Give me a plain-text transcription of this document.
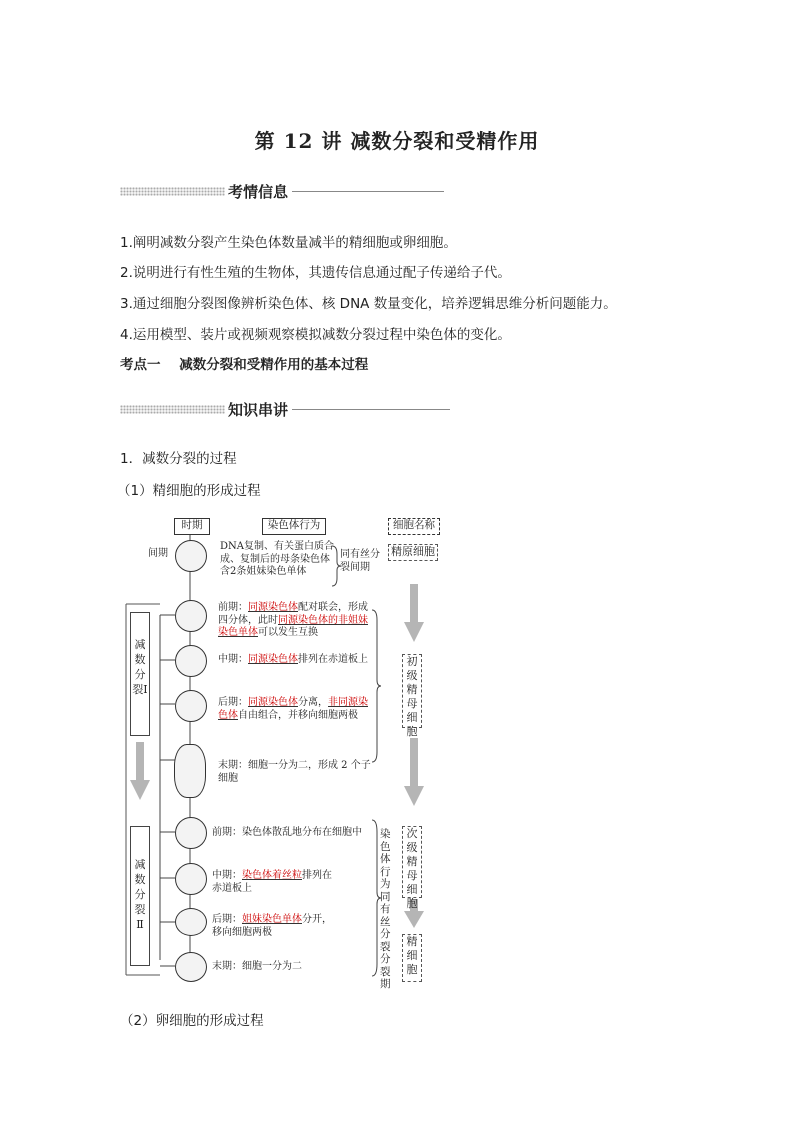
第 12 讲 减数分裂和受精作用
考情信息
1.阐明减数分裂产生染色体数量减半的精细胞或卵细胞。
2.说明进行有性生殖的生物体，其遗传信息通过配子传递给子代。
3.通过细胞分裂图像辨析染色体、核 DNA 数量变化，培养逻辑思维分析问题能力。
4.运用模型、装片或视频观察模拟减数分裂过程中染色体的变化。
考点一    减数分裂和受精作用的基本过程
知识串讲
1．减数分裂的过程
（1）精细胞的形成过程
时期	染色体行为	细胞名称
间期
DNA复制、有关蛋白质合成、复制后的母条染色体含2条姐妹染色单体
同有丝分裂间期
精原细胞
减数分裂Ⅰ
减数分裂Ⅱ
前期：同源染色体配对联会，形成四分体，此时同源染色体的非姐妹染色单体可以发生互换
中期：同源染色体排列在赤道板上
后期：同源染色体分离，非同源染色体自由组合，并移向细胞两极
末期：细胞一分为二，形成 2 个子细胞
初级精母细胞
前期：染色体散乱地分布在细胞中
中期：染色体着丝粒排列在赤道板上
后期：姐妹染色单体分开，移向细胞两极
末期：细胞一分为二
染色体行为同有丝分裂分裂期
次级精母细胞
精细胞
（2）卵细胞的形成过程
